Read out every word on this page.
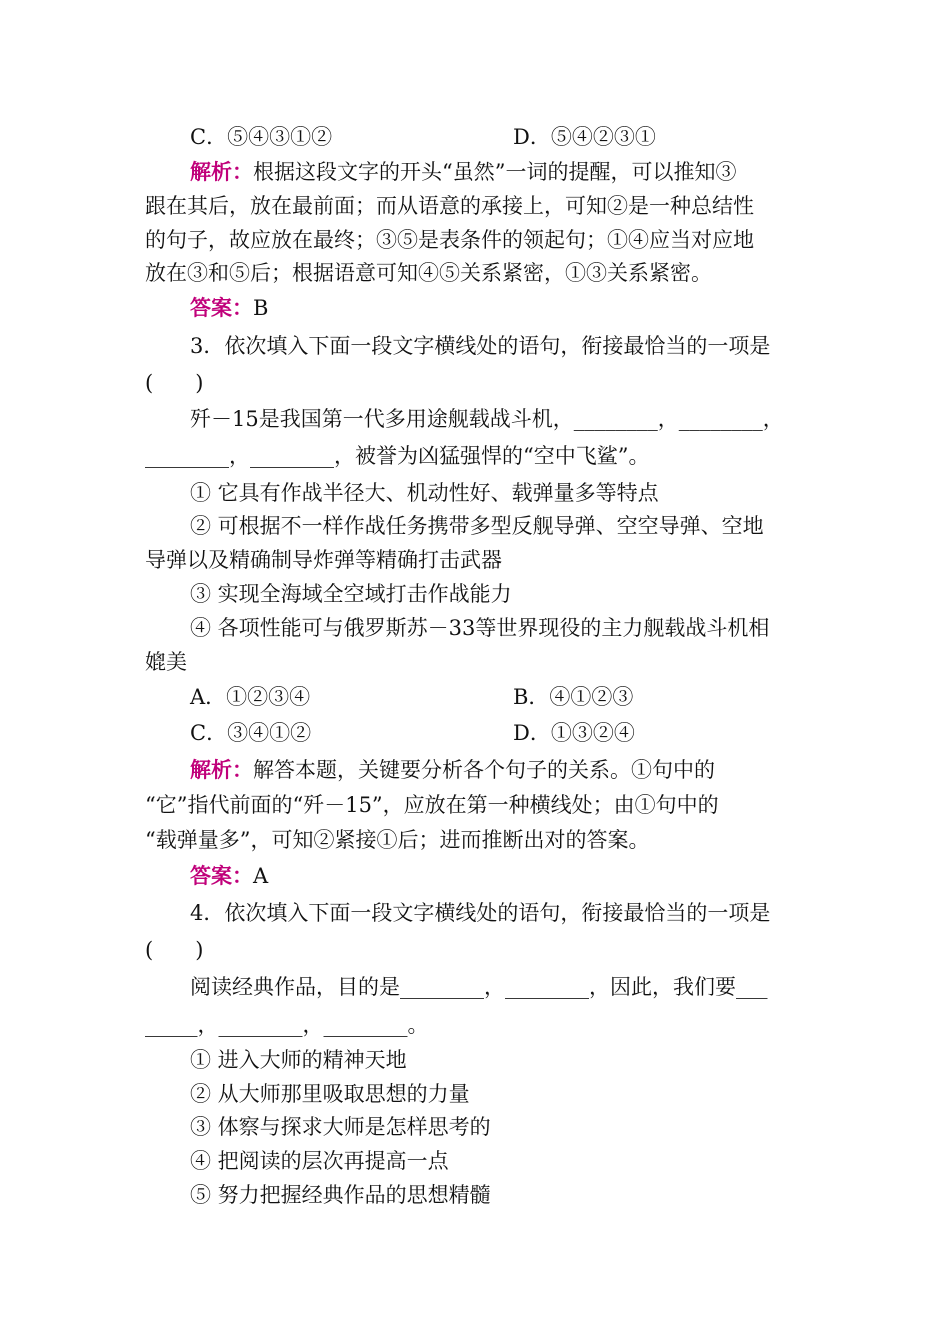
C．⑤④③①②	D．⑤④②③①
解析：根据这段文字的开头“虽然”一词的提醒，可以推知③
跟在其后，放在最前面；而从语意的承接上，可知②是一种总结性
的句子，故应放在最终；③⑤是表条件的领起句；①④应当对应地
放在③和⑤后；根据语意可知④⑤关系紧密，①③关系紧密。
答案：B
3．依次填入下面一段文字横线处的语句，衔接最恰当的一项是
(　　)
歼－15是我国第一代多用途舰载战斗机，________，________，
________，________，被誉为凶猛强悍的“空中飞鲨”。
① 它具有作战半径大、机动性好、载弹量多等特点
② 可根据不一样作战任务携带多型反舰导弹、空空导弹、空地
导弹以及精确制导炸弹等精确打击武器
③ 实现全海域全空域打击作战能力
④ 各项性能可与俄罗斯苏－33等世界现役的主力舰载战斗机相
媲美
A．①②③④	B．④①②③
C．③④①②	D．①③②④
解析：解答本题，关键要分析各个句子的关系。①句中的
“它”指代前面的“歼－15”，应放在第一种横线处；由①句中的
“载弹量多”，可知②紧接①后；进而推断出对的答案。
答案：A
4．依次填入下面一段文字横线处的语句，衔接最恰当的一项是
(　　)
阅读经典作品，目的是________，________，因此，我们要___
_____，________，________。
① 进入大师的精神天地
② 从大师那里吸取思想的力量
③ 体察与探求大师是怎样思考的
④ 把阅读的层次再提高一点
⑤ 努力把握经典作品的思想精髓
